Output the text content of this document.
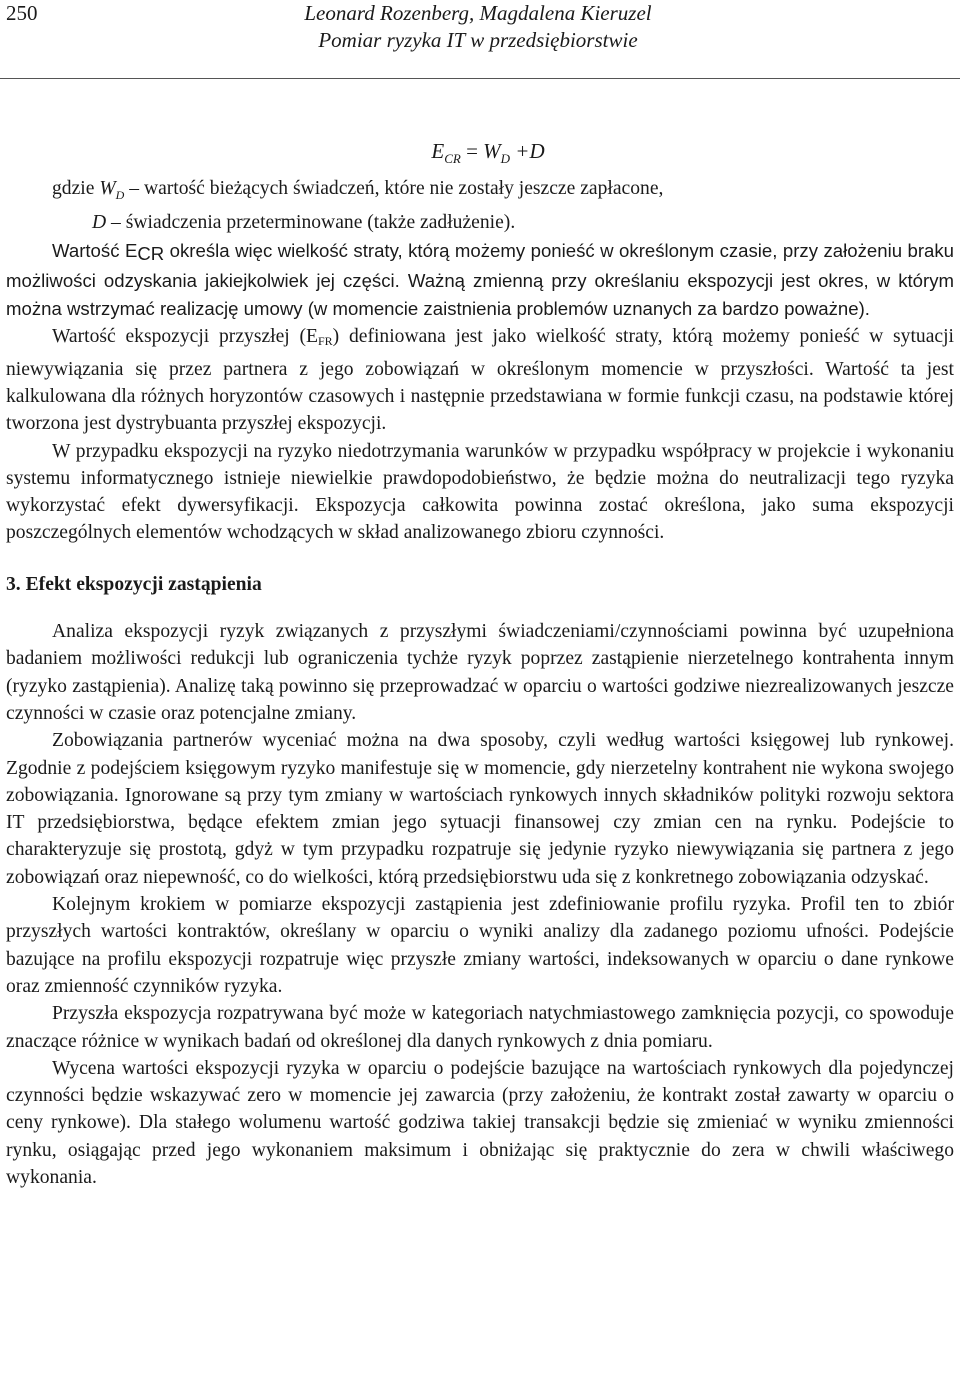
250	Leonard Rozenberg, Magdalena Kieruzel
Pomiar ryzyka IT w przedsiębiorstwie
$E_{CR} = W_D +D$

gdzie $W_D$ – wartość bieżących świadczeń, które nie zostały jeszcze zapłacone,

D – świadczenia przeterminowane (także zadłużenie).

Wartość ECR określa więc wielkość straty, którą możemy ponieść w określonym czasie, przy założeniu braku możliwości odzyskania jakiejkolwiek jej części. Ważną zmienną przy określaniu ekspozycji jest okres, w którym można wstrzymać realizację umowy (w momencie zaistnienia problemów uznanych za bardzo poważne).

Wartość ekspozycji przyszłej $(E_{FR})$ definiowana jest jako wielkość straty, którą możemy ponieść w sytuacji niewywiązania się przez partnera z jego zobowiązań w określonym momencie w przyszłości. Wartość ta jest kalkulowana dla różnych horyzontów czasowych i następnie przedstawiana w formie funkcji czasu, na podstawie której tworzona jest dystrybuanta przyszłej ekspozycji.

W przypadku ekspozycji na ryzyko niedotrzymania warunków w przypadku współpracy w projekcie i wykonaniu systemu informatycznego istnieje niewielkie prawdopodobieństwo, że będzie można do neutralizacji tego ryzyka wykorzystać efekt dywersyfikacji. Ekspozycja całkowita powinna zostać określona, jako suma ekspozycji poszczególnych elementów wchodzących w skład analizowanego zbioru czynności.

3. Efekt ekspozycji zastąpienia

Analiza ekspozycji ryzyk związanych z przyszłymi świadczeniami/czynnościami powinna być uzupełniona badaniem możliwości redukcji lub ograniczenia tychże ryzyk poprzez zastąpienie nierzetelnego kontrahenta innym (ryzyko zastąpienia). Analizę taką powinno się przeprowadzać w oparciu o wartości godziwe niezrealizowanych jeszcze czynności w czasie oraz potencjalne zmiany.

Zobowiązania partnerów wyceniać można na dwa sposoby, czyli według wartości księgowej lub rynkowej. Zgodnie z podejściem księgowym ryzyko manifestuje się w momencie, gdy nierzetelny kontrahent nie wykona swojego zobowiązania. Ignorowane są przy tym zmiany w wartościach rynkowych innych składników polityki rozwoju sektora IT przedsiębiorstwa, będące efektem zmian jego sytuacji finansowej czy zmian cen na rynku. Podejście to charakteryzuje się prostotą, gdyż w tym przypadku rozpatruje się jedynie ryzyko niewywiązania się partnera z jego zobowiązań oraz niepewność, co do wielkości, którą przedsiębiorstwu uda się z konkretnego zobowiązania odzyskać.

Kolejnym krokiem w pomiarze ekspozycji zastąpienia jest zdefiniowanie profilu ryzyka. Profil ten to zbiór przyszłych wartości kontraktów, określany w oparciu o wyniki analizy dla zadanego poziomu ufności. Podejście bazujące na profilu ekspozycji rozpatruje więc przyszłe zmiany wartości, indeksowanych w oparciu o dane rynkowe oraz zmienność czynników ryzyka.

Przyszła ekspozycja rozpatrywana być może w kategoriach natychmiastowego zamknięcia pozycji, co spowoduje znaczące różnice w wynikach badań od określonej dla danych rynkowych z dnia pomiaru.

Wycena wartości ekspozycji ryzyka w oparciu o podejście bazujące na wartościach rynkowych dla pojedynczej czynności będzie wskazywać zero w momencie jej zawarcia (przy założeniu, że kontrakt został zawarty w oparciu o ceny rynkowe). Dla stałego wolumenu wartość godziwa takiej transakcji będzie się zmieniać w wyniku zmienności rynku, osiągając przed jego wykonaniem maksimum i obniżając się praktycznie do zera w chwili właściwego wykonania.
